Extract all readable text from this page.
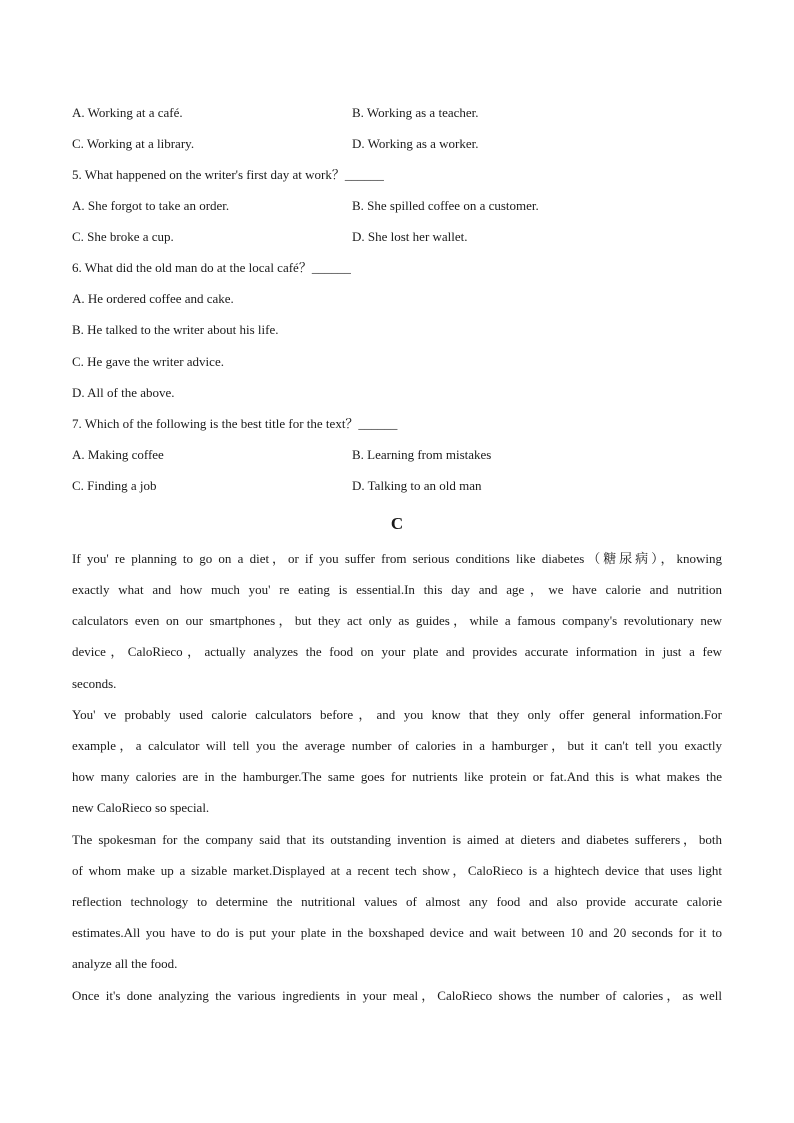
A. Working at a café.	B. Working as a teacher.
C. Working at a library.	D. Working as a worker.
5. What happened on the writer's first day at work？______
A. She forgot to take an order.	B. She spilled coffee on a customer.
C. She broke a cup.	D. She lost her wallet.
6. What did the old man do at the local café？______
A. He ordered coffee and cake.
B. He talked to the writer about his life.
C. He gave the writer advice.
D. All of the above.
7. Which of the following is the best title for the text？______
A. Making coffee	B. Learning from mistakes
C. Finding a job	D. Talking to an old man
C
If you' re planning to go on a diet，or if you suffer from serious conditions like diabetes（糖尿病），knowing
exactly what and how much you' re eating is essential.In this day and age，we have calorie and nutrition
calculators even on our smartphones，but they act only as guides，while a famous company's revolutionary new
device，CaloRieco，actually analyzes the food on your plate and provides accurate information in just a few
seconds.
You' ve probably used calorie calculators before，and you know that they only offer general information.For
example，a calculator will tell you the average number of calories in a hamburger，but it can't tell you exactly
how many calories are in the hamburger.The same goes for nutrients like protein or fat.And this is what makes the
new CaloRieco so special.
The spokesman for the company said that its outstanding invention is aimed at dieters and diabetes sufferers，both
of whom make up a sizable market.Displayed at a recent tech show，CaloRieco is a hightech device that uses light
reflection technology to determine the nutritional values of almost any food and also provide accurate calorie
estimates.All you have to do is put your plate in the boxshaped device and wait between 10 and 20 seconds for it to
analyze all the food.
Once it's done analyzing the various ingredients in your meal，CaloRieco shows the number of calories，as well
